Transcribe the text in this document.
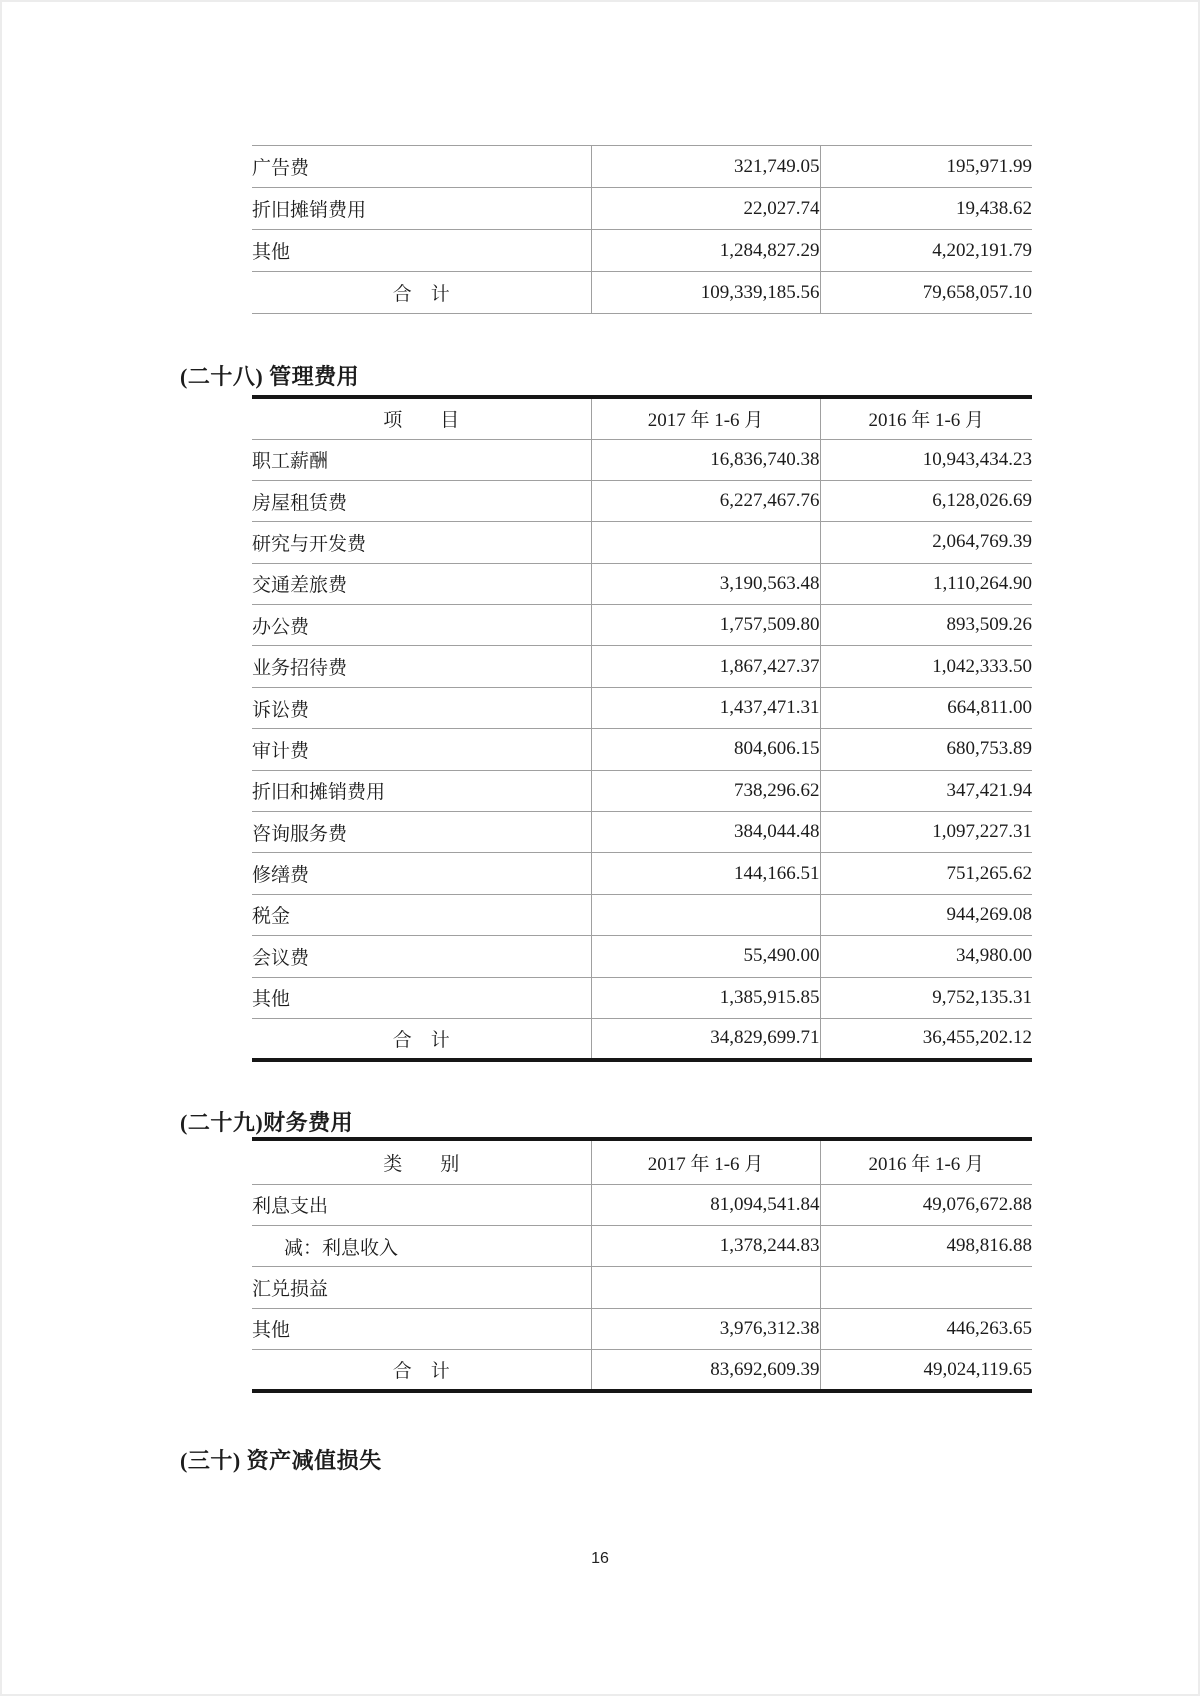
广告费	321,749.05	195,971.99
折旧摊销费用	22,027.74	19,438.62
其他	1,284,827.29	4,202,191.79
合　计	109,339,185.56	79,658,057.10
(二十八) 管理费用
项　　目	2017 年 1-6 月	2016 年 1-6 月
职工薪酬	16,836,740.38	10,943,434.23
房屋租赁费	6,227,467.76	6,128,026.69
研究与开发费		2,064,769.39
交通差旅费	3,190,563.48	1,110,264.90
办公费	1,757,509.80	893,509.26
业务招待费	1,867,427.37	1,042,333.50
诉讼费	1,437,471.31	664,811.00
审计费	804,606.15	680,753.89
折旧和摊销费用	738,296.62	347,421.94
咨询服务费	384,044.48	1,097,227.31
修缮费	144,166.51	751,265.62
税金		944,269.08
会议费	55,490.00	34,980.00
其他	1,385,915.85	9,752,135.31
合　计	34,829,699.71	36,455,202.12
(二十九)财务费用
类　　别	2017 年 1-6 月	2016 年 1-6 月
利息支出	81,094,541.84	49,076,672.88
减：利息收入	1,378,244.83	498,816.88
汇兑损益		
其他	3,976,312.38	446,263.65
合　计	83,692,609.39	49,024,119.65
(三十) 资产减值损失
16
